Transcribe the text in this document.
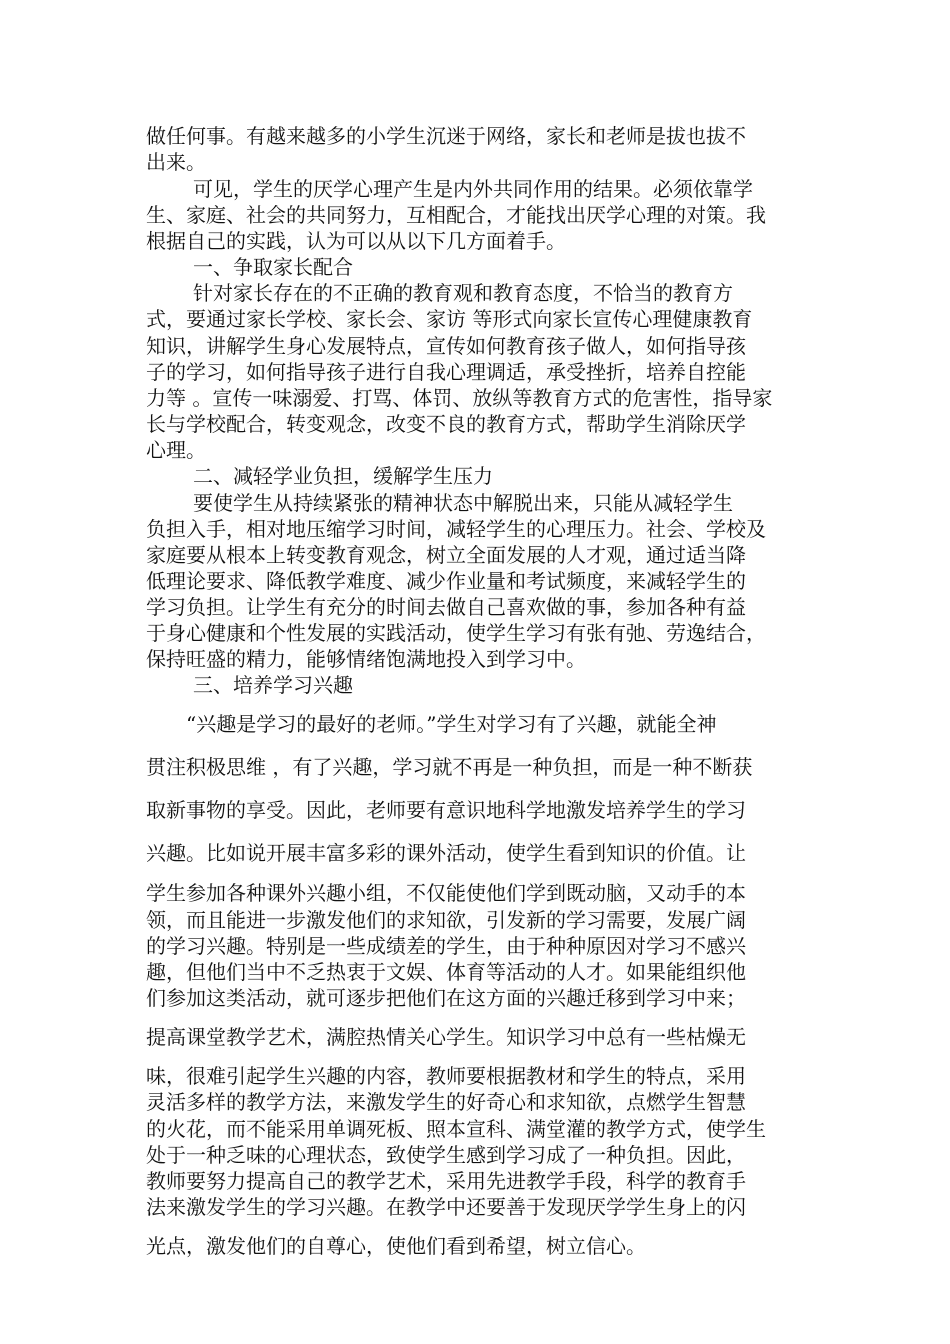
做任何事。有越来越多的小学生沉迷于网络，家长和老师是拔也拔不

出来。

可见，学生的厌学心理产生是内外共同作用的结果。必须依靠学

生、家庭、社会的共同努力，互相配合，才能找出厌学心理的对策。我

根据自己的实践，认为可以从以下几方面着手。

一、争取家长配合

针对家长存在的不正确的教育观和教育态度，不恰当的教育方

式，要通过家长学校、家长会、家访 等形式向家长宣传心理健康教育

知识，讲解学生身心发展特点，宣传如何教育孩子做人，如何指导孩

子的学习，如何指导孩子进行自我心理调适，承受挫折，培养自控能

力等 。宣传一味溺爱、打骂、体罚、放纵等教育方式的危害性，指导家

长与学校配合，转变观念，改变不良的教育方式，帮助学生消除厌学

心理。

二、减轻学业负担，缓解学生压力

要使学生从持续紧张的精神状态中解脱出来，只能从减轻学生

负担入手，相对地压缩学习时间，减轻学生的心理压力。社会、学校及

家庭要从根本上转变教育观念，树立全面发展的人才观，通过适当降

低理论要求、降低教学难度、减少作业量和考试频度，来减轻学生的

学习负担。让学生有充分的时间去做自己喜欢做的事，参加各种有益

于身心健康和个性发展的实践活动，使学生学习有张有弛、劳逸结合，

保持旺盛的精力，能够情绪饱满地投入到学习中。

三、培养学习兴趣

“兴趣是学习的最好的老师。”学生对学习有了兴趣，就能全神

贯注积极思维 ，有了兴趣，学习就不再是一种负担，而是一种不断获

取新事物的享受。因此，老师要有意识地科学地激发培养学生的学习

兴趣。比如说开展丰富多彩的课外活动，使学生看到知识的价值。让

学生参加各种课外兴趣小组，不仅能使他们学到既动脑，又动手的本

领，而且能进一步激发他们的求知欲，引发新的学习需要，发展广阔

的学习兴趣。特别是一些成绩差的学生，由于种种原因对学习不感兴

趣，但他们当中不乏热衷于文娱、体育等活动的人才。如果能组织他

们参加这类活动，就可逐步把他们在这方面的兴趣迁移到学习中来；

提高课堂教学艺术，满腔热情关心学生。知识学习中总有一些枯燥无

味，很难引起学生兴趣的内容，教师要根据教材和学生的特点，采用

灵活多样的教学方法，来激发学生的好奇心和求知欲，点燃学生智慧

的火花，而不能采用单调死板、照本宣科、满堂灌的教学方式，使学生

处于一种乏味的心理状态，致使学生感到学习成了一种负担。因此，

教师要努力提高自己的教学艺术，采用先进教学手段，科学的教育手

法来激发学生的学习兴趣。在教学中还要善于发现厌学学生身上的闪

光点，激发他们的自尊心，使他们看到希望，树立信心。
